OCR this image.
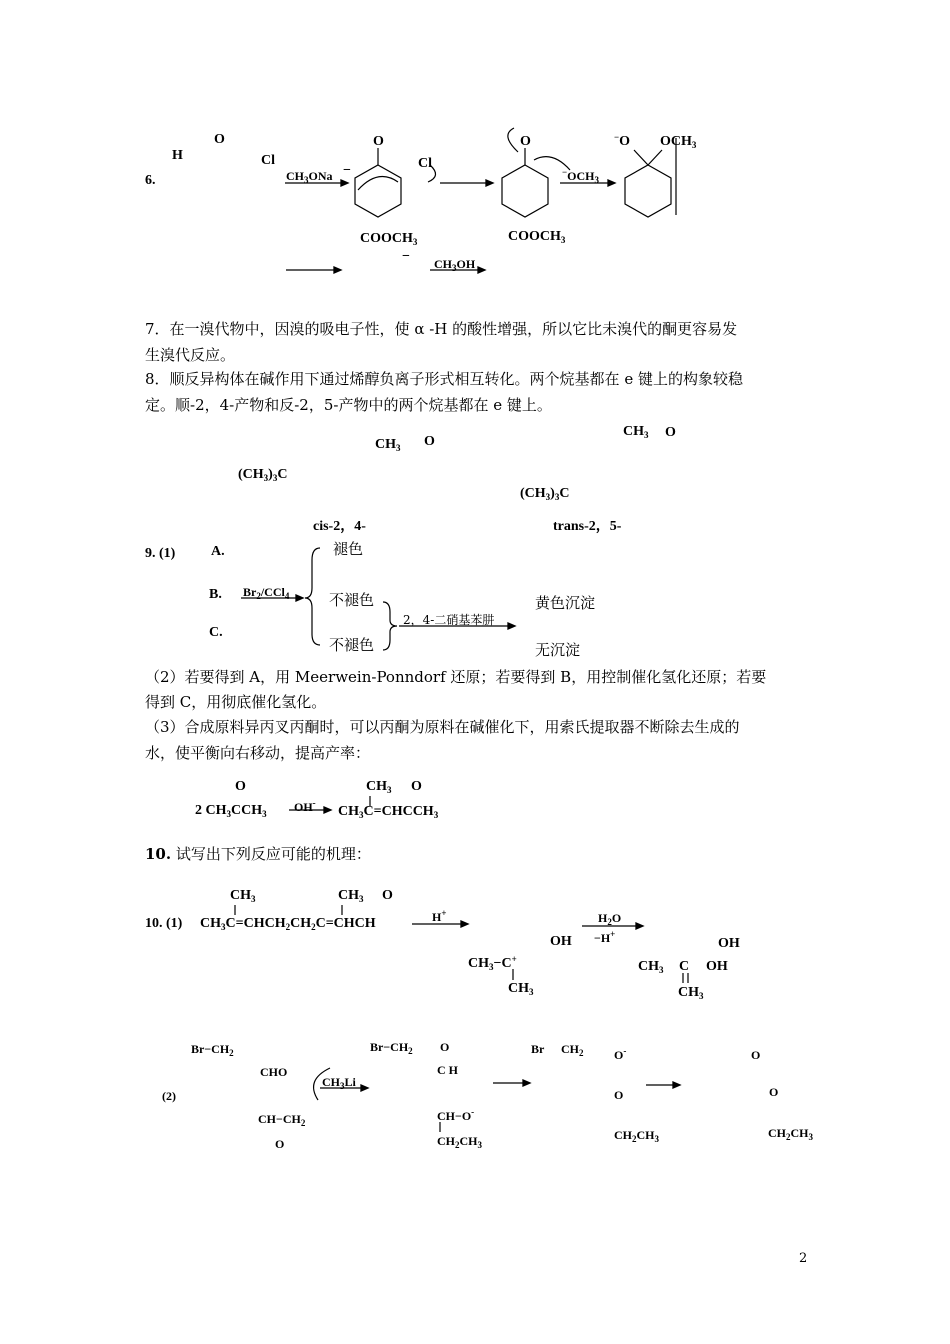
6.
H
O
Cl
$CH_3ONa$ −
O
Cl
$COOCH_3$
O
$^-OCH_3$
$COOCH_3$
−O $OCH_3$
− $CH_3OH$
7．在一溴代物中，因溴的吸电子性，使 α -H 的酸性增强，所以它比未溴代的酮更容易发
生溴代反应。
8．顺反异构体在碱作用下通过烯醇负离子形式相互转化。两个烷基都在 e 键上的构象较稳
定。顺-2，4-产物和反-2，5-产物中的两个烷基都在 e 键上。
$CH_3$ O
$(CH_3)_3C$
$CH_3$ O
$(CH_3)_3C$
cis-2，4-	trans-2，5-
9. (1)	A.
B.
C.
$Br_2/CCl_4$
褪色
不褪色
不褪色
2，4-二硝基苯肼
黄色沉淀
无沉淀
（2）若要得到 A，用 Meerwein-Ponndorf 还原；若要得到 B，用控制催化氢化还原；若要
得到 C，用彻底催化氢化。
（3）合成原料异丙叉丙酮时，可以丙酮为原料在碱催化下，用索氏提取器不断除去生成的
水，使平衡向右移动，提高产率：
O
2 $CH_3CCH_3$ OH-
$CH_3$ O
$CH_3C=CHCCH_3$
10. 试写出下列反应可能的机理：
10. (1)
$CH_3$	$CH_3$ O
$CH_3C=CHCH_2CH_2C=CHCH$	H+	$H_2O$
−H+
OH
$CH_3-C^+$
$CH_3$
OH
$CH_3$ C OH
$CH_3$
(2)
$Br-CH_2$
CHO
$CH_3Li$
$CH-CH_2$
O
$Br-CH_2$ O
C H
CH−O-
$CH_2CH_3$
Br $CH_2$	O-
O
$CH_2CH_3$
O
O
$CH_2CH_3$
2
